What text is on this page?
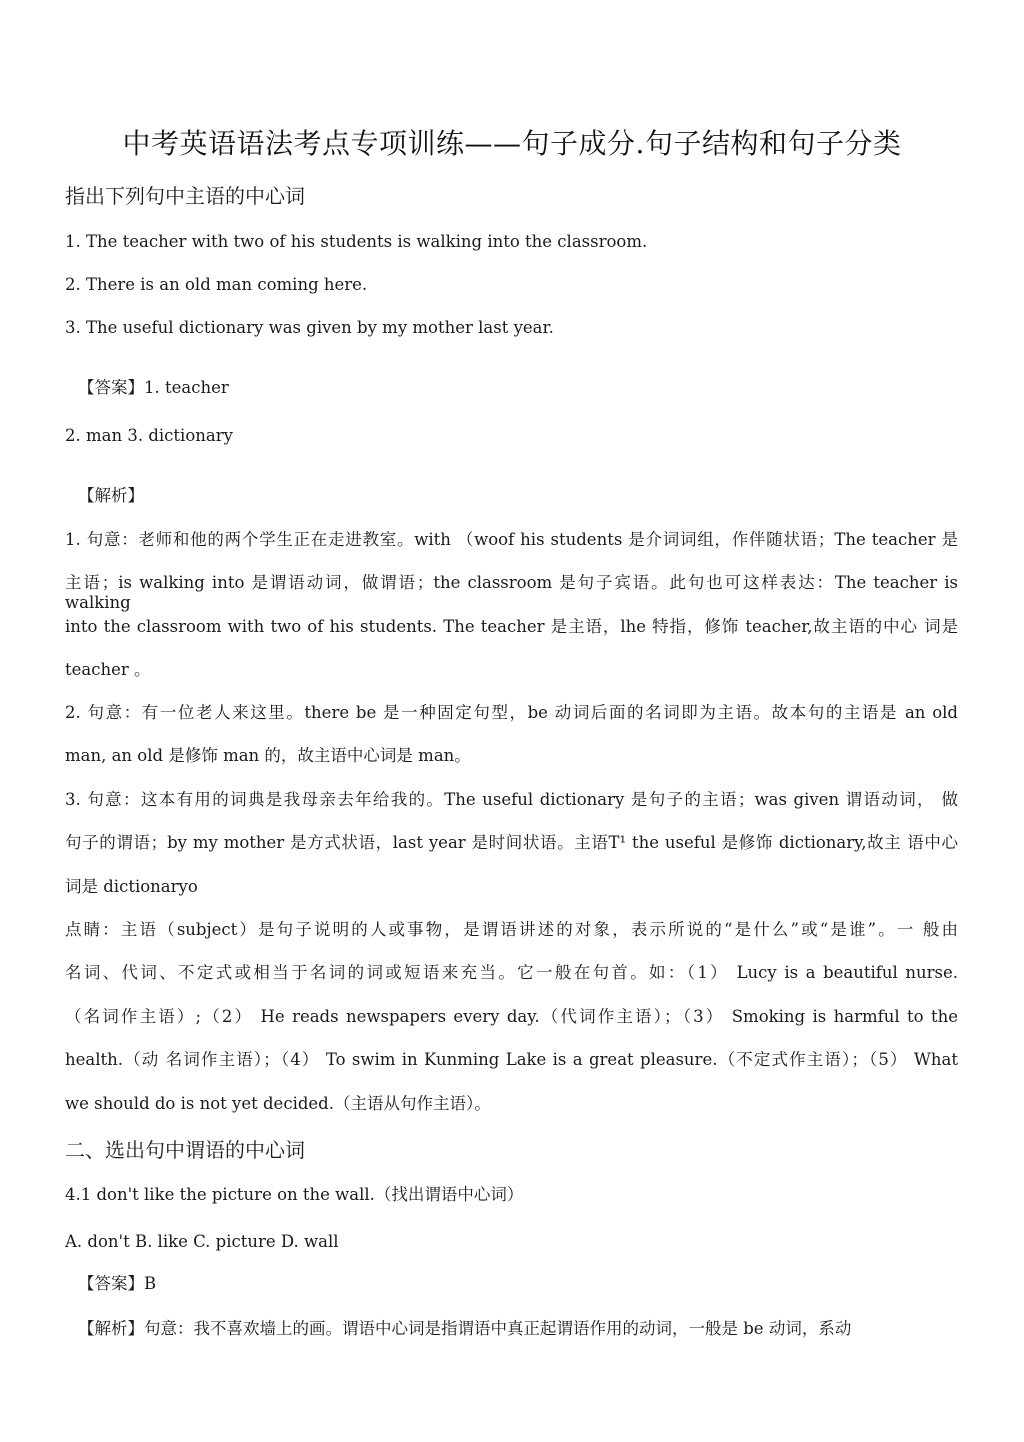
中考英语语法考点专项训练——句子成分.句子结构和句子分类
指出下列句中主语的中心词
1. The teacher with two of his students is walking into the classroom.
2. There is an old man coming here.
3. The useful dictionary was given by my mother last year.
【答案】1. teacher
2. man 3. dictionary
【解析】
1. 句意：老师和他的两个学生正在走进教室。with （woof his students 是介词词组，作伴随状语；The teacher 是
主语；is walking into 是谓语动词，做谓语；the classroom 是句子宾语。此句也可这样表达：The teacher is walking
into the classroom with two of his students. The teacher 是主语，lhe 特指，修饰 teacher,故主语的中心 词是
teacher 。
2. 句意：有一位老人来这里。there be 是一种固定句型，be 动词后面的名词即为主语。故本句的主语是 an old
man, an old 是修饰 man 的，故主语中心词是 man。
3. 句意：这本有用的词典是我母亲去年给我的。The useful dictionary 是句子的主语；was given 谓语动词， 做
句子的谓语；by my mother 是方式状语，last year 是时间状语。主语T¹ the useful 是修饰 dictionary,故主 语中心
词是 dictionaryo
点睛：主语（subject）是句子说明的人或事物，是谓语讲述的对象，表示所说的“是什么”或“是谁”。一 般由
名词、代词、不定式或相当于名词的词或短语来充当。它一般在句首。如：（1） Lucy is a beautiful nurse.
（名词作主语）;（2） He reads newspapers every day.（代词作主语）；（3） Smoking is harmful to the
health.（动 名词作主语）；（4） To swim in Kunming Lake is a great pleasure.（不定式作主语）；（5） What
we should do is not yet decided.（主语从句作主语）。
二、选出句中谓语的中心词
4.1 don't like the picture on the wall.（找出谓语中心词）
A. don't B. like C. picture D. wall
【答案】B
【解析】句意：我不喜欢墙上的画。谓语中心词是指谓语中真正起谓语作用的动词，一般是 be 动词，系动
